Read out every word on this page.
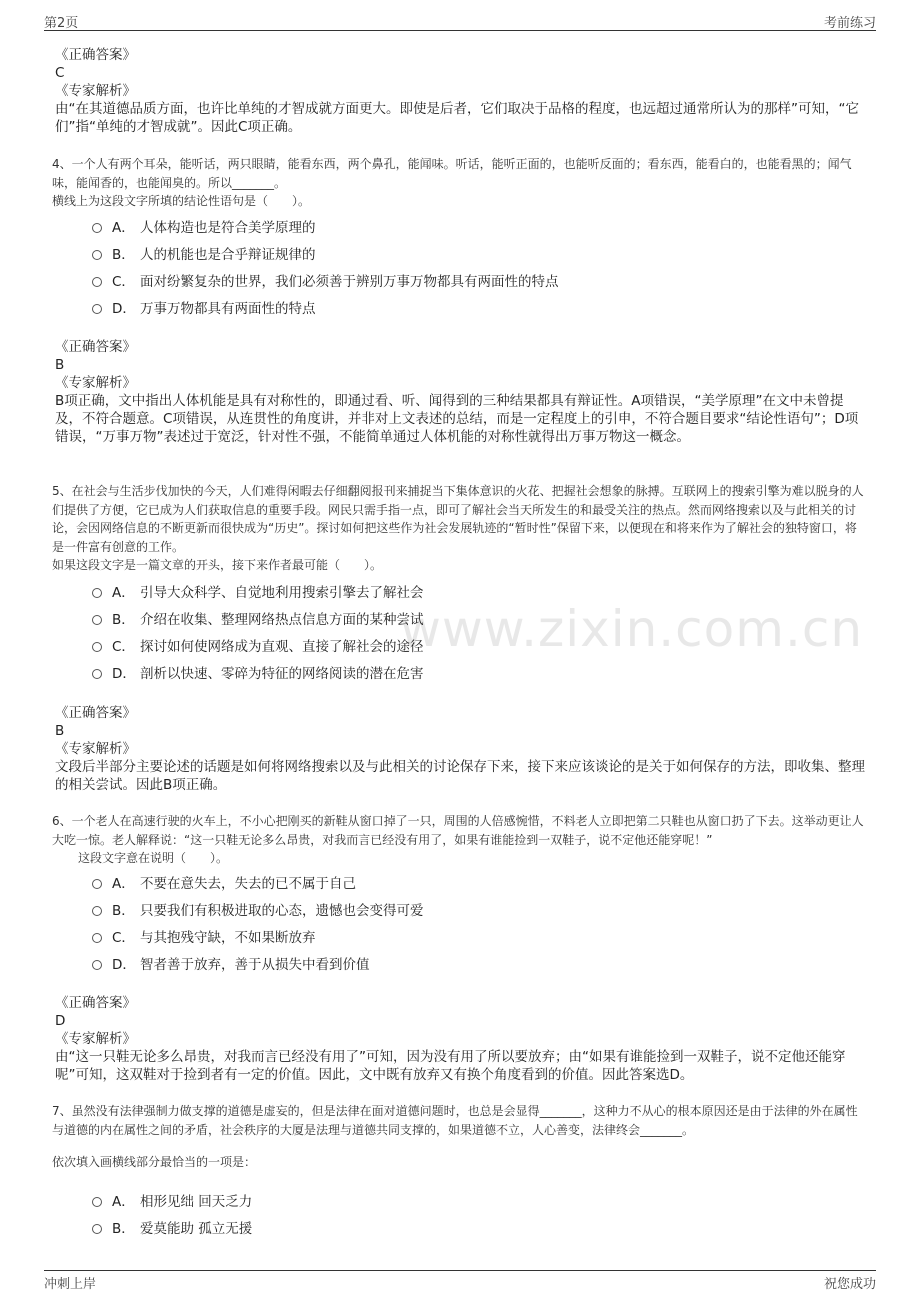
第2页	考前练习
www.zixin.com.cn
《正确答案》
C
《专家解析》
由“在其道德品质方面，也许比单纯的才智成就方面更大。即使是后者，它们取决于品格的程度，也远超过通常所认为的那样”可知，“它们”指“单纯的才智成就”。因此C项正确。
4、一个人有两个耳朵，能听话，两只眼睛，能看东西，两个鼻孔，能闻味。听话，能听正面的，也能听反面的；看东西，能看白的，也能看黑的；闻气味，能闻香的，也能闻臭的。所以_______。
横线上为这段文字所填的结论性语句是（　　）。
A． 人体构造也是符合美学原理的
B． 人的机能也是合乎辩证规律的
C． 面对纷繁复杂的世界，我们必须善于辨别万事万物都具有两面性的特点
D． 万事万物都具有两面性的特点
《正确答案》
B
《专家解析》
B项正确，文中指出人体机能是具有对称性的，即通过看、听、闻得到的三种结果都具有辩证性。A项错误，“美学原理”在文中未曾提及，不符合题意。C项错误，从连贯性的角度讲，并非对上文表述的总结，而是一定程度上的引申，不符合题目要求“结论性语句”；D项错误，“万事万物”表述过于宽泛，针对性不强，不能简单通过人体机能的对称性就得出万事万物这一概念。
5、在社会与生活步伐加快的今天，人们难得闲暇去仔细翻阅报刊来捕捉当下集体意识的火花、把握社会想象的脉搏。互联网上的搜索引擎为难以脱身的人们提供了方便，它已成为人们获取信息的重要手段。网民只需手指一点，即可了解社会当天所发生的和最受关注的热点。然而网络搜索以及与此相关的讨论，会因网络信息的不断更新而很快成为“历史”。探讨如何把这些作为社会发展轨迹的“暂时性”保留下来，以便现在和将来作为了解社会的独特窗口，将是一件富有创意的工作。
如果这段文字是一篇文章的开头，接下来作者最可能（　　）。
A． 引导大众科学、自觉地利用搜索引擎去了解社会
B． 介绍在收集、整理网络热点信息方面的某种尝试
C． 探讨如何使网络成为直观、直接了解社会的途径
D． 剖析以快速、零碎为特征的网络阅读的潜在危害
《正确答案》
B
《专家解析》
文段后半部分主要论述的话题是如何将网络搜索以及与此相关的讨论保存下来，接下来应该谈论的是关于如何保存的方法，即收集、整理的相关尝试。因此B项正确。
6、一个老人在高速行驶的火车上，不小心把刚买的新鞋从窗口掉了一只，周围的人倍感惋惜，不料老人立即把第二只鞋也从窗口扔了下去。这举动更让人大吃一惊。老人解释说：“这一只鞋无论多么昂贵，对我而言已经没有用了，如果有谁能捡到一双鞋子，说不定他还能穿呢！”
这段文字意在说明（　　）。
A． 不要在意失去，失去的已不属于自己
B． 只要我们有积极进取的心态，遗憾也会变得可爱
C． 与其抱残守缺，不如果断放弃
D． 智者善于放弃，善于从损失中看到价值
《正确答案》
D
《专家解析》
由“这一只鞋无论多么昂贵，对我而言已经没有用了”可知，因为没有用了所以要放弃；由“如果有谁能捡到一双鞋子，说不定他还能穿呢”可知，这双鞋对于捡到者有一定的价值。因此，文中既有放弃又有换个角度看到的价值。因此答案选D。
7、虽然没有法律强制力做支撑的道德是虚妄的，但是法律在面对道德问题时，也总是会显得_______，这种力不从心的根本原因还是由于法律的外在属性与道德的内在属性之间的矛盾，社会秩序的大厦是法理与道德共同支撑的，如果道德不立，人心善变，法律终会_______。
依次填入画横线部分最恰当的一项是：
A． 相形见绌 回天乏力
B． 爱莫能助 孤立无援
冲刺上岸	祝您成功
